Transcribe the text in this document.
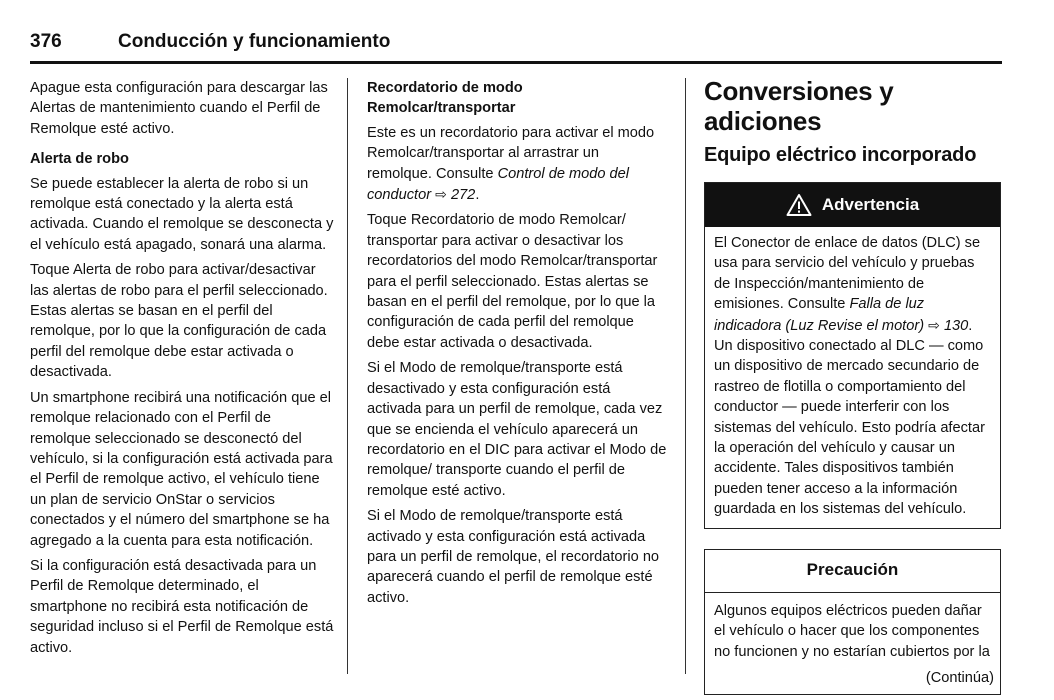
376	Conducción y funcionamiento

Apague esta configuración para descargar las Alertas de mantenimiento cuando el Perfil de Remolque esté activo.

Alerta de robo

Se puede establecer la alerta de robo si un remolque está conectado y la alerta está activada. Cuando el remolque se desconecta y el vehículo está apagado, sonará una alarma.

Toque Alerta de robo para activar/desactivar las alertas de robo para el perfil seleccionado. Estas alertas se basan en el perfil del remolque, por lo que la configuración de cada perfil del remolque debe estar activada o desactivada.

Un smartphone recibirá una notificación que el remolque relacionado con el Perfil de remolque seleccionado se desconectó del vehículo, si la configuración está activada para el Perfil de remolque activo, el vehículo tiene un plan de servicio OnStar o servicios conectados y el número del smartphone se ha agregado a la cuenta para esta notificación.

Si la configuración está desactivada para un Perfil de Remolque determinado, el smartphone no recibirá esta notificación de seguridad incluso si el Perfil de Remolque está activo.

Recordatorio de modo Remolcar/transportar

Este es un recordatorio para activar el modo Remolcar/transportar al arrastrar un remolque. Consulte Control de modo del conductor ⇨ 272.

Toque Recordatorio de modo Remolcar/ transportar para activar o desactivar los recordatorios del modo Remolcar/transportar para el perfil seleccionado. Estas alertas se basan en el perfil del remolque, por lo que la configuración de cada perfil del remolque debe estar activada o desactivada.

Si el Modo de remolque/transporte está desactivado y esta configuración está activada para un perfil de remolque, cada vez que se encienda el vehículo aparecerá un recordatorio en el DIC para activar el Modo de remolque/ transporte cuando el perfil de remolque esté activo.

Si el Modo de remolque/transporte está activado y esta configuración está activada para un perfil de remolque, el recordatorio no aparecerá cuando el perfil de remolque esté activo.

Conversiones y adiciones
Equipo eléctrico incorporado
Advertencia

El Conector de enlace de datos (DLC) se usa para servicio del vehículo y pruebas de Inspección/mantenimiento de emisiones. Consulte Falla de luz indicadora (Luz Revise el motor) ⇨ 130. Un dispositivo conectado al DLC — como un dispositivo de mercado secundario de rastreo de flotilla o comportamiento del conductor — puede interferir con los sistemas del vehículo. Esto podría afectar la operación del vehículo y causar un accidente. Tales dispositivos también pueden tener acceso a la información guardada en los sistemas del vehículo.

Precaución

Algunos equipos eléctricos pueden dañar el vehículo o hacer que los componentes no funcionen y no estarían cubiertos por la

(Continúa)
